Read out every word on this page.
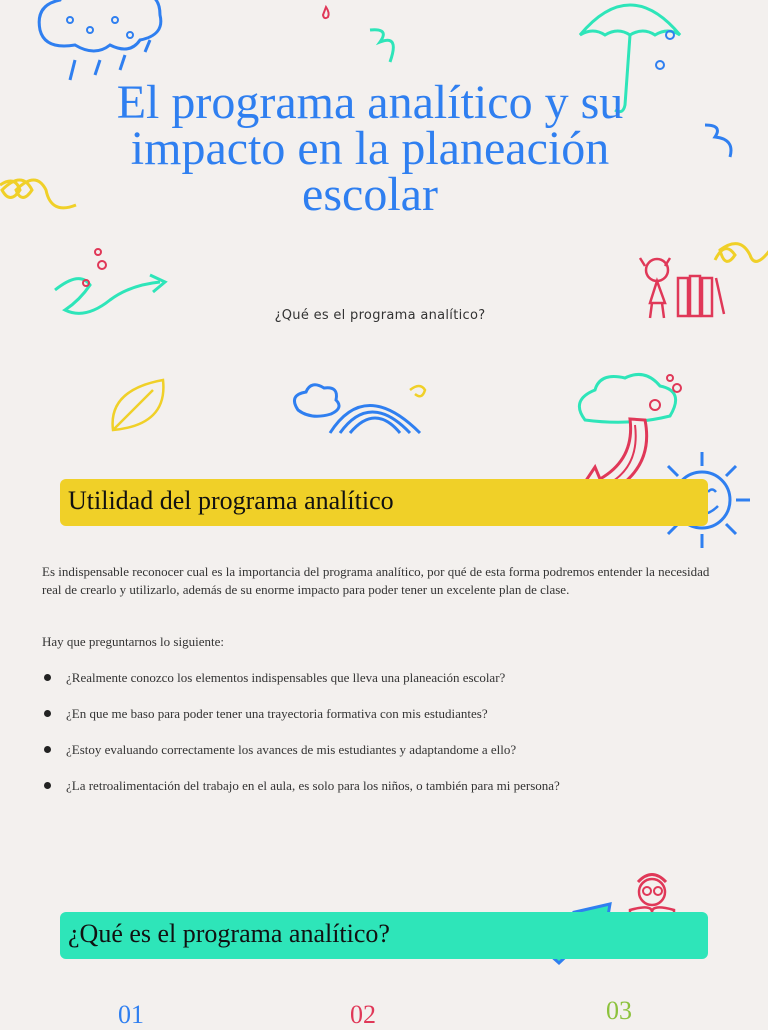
El programa analítico y su impacto en la planeación escolar
¿Qué es el programa analítico?
Utilidad del programa analítico

Es indispensable reconocer cual es la importancia del programa analítico, por qué de esta forma podremos entender la necesidad real de crearlo y utilizarlo, además de su enorme impacto para poder tener un excelente plan de clase.

Hay que preguntarnos lo siguiente:

¿Realmente conozco los elementos indispensables que lleva una planeación escolar?
¿En que me baso para poder tener una trayectoria formativa con mis estudiantes?
¿Estoy evaluando correctamente los avances de mis estudiantes y adaptandome a ello?
¿La retroalimentación del trabajo en el aula, es solo para los niños, o también para mi persona?
¿Qué es el programa analítico?
01	02	03
